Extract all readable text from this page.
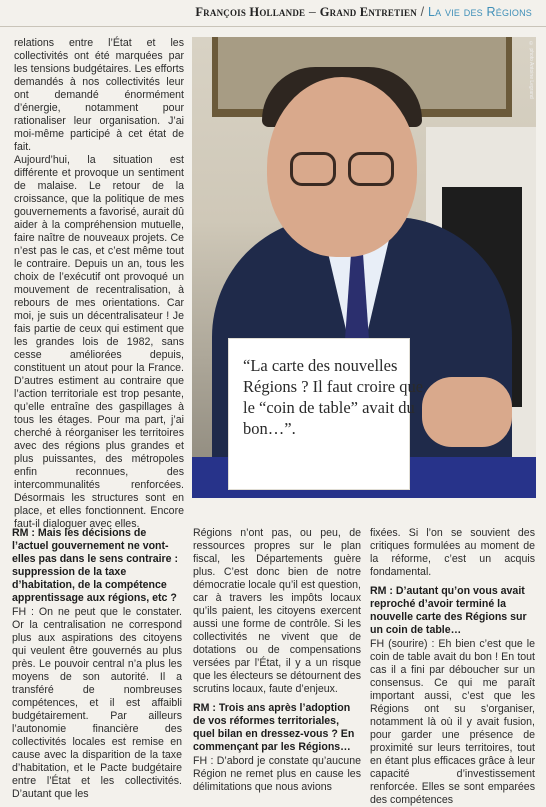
François Hollande – Grand Entretien / La vie des Régions

relations entre l’État et les collectivités ont été marquées par les tensions budgétaires. Les efforts demandés à nos collectivités leur ont demandé énormément d’énergie, notamment pour rationaliser leur organisation. J’ai moi-même participé à cet état de fait.

Aujourd’hui, la situation est différente et provoque un sentiment de malaise. Le retour de la croissance, que la politique de mes gouvernements a favorisé, aurait dû aider à la compréhension mutuelle, faire naître de nouveaux projets. Ce n’est pas le cas, et c’est même tout le contraire. Depuis un an, tous les choix de l’exécutif ont provoqué un mouvement de recentralisation, à rebours de mes orientations. Car moi, je suis un décentralisateur ! Je fais partie de ceux qui estiment que les grandes lois de 1982, sans cesse améliorées depuis, constituent un atout pour la France. D’autres estiment au contraire que l’action territoriale est trop pesante, qu’elle entraîne des gaspillages à tous les étages. Pour ma part, j’ai cherché à réorganiser les territoires avec des régions plus grandes et plus puissantes, des métropoles enfin reconnues, des intercommunalités renforcées. Désormais les structures sont en place, et elles fonctionnent. Encore faut-il dialoguer avec elles.

© photo Antoine Legrand
“La carte des nouvelles Régions ? Il faut croire que le “coin de table” avait du bon…”.

RM : Mais les décisions de l’actuel gouvernement ne vont-elles pas dans le sens contraire : suppression de la taxe d’habitation, de la compétence apprentissage aux régions, etc ?

FH : On ne peut que le constater. Or la centralisation ne correspond plus aux aspirations des citoyens qui veulent être gouvernés au plus près. Le pouvoir central n’a plus les moyens de son autorité. Il a transféré de nombreuses compétences, et il est affaibli budgétairement. Par ailleurs l’autonomie financière des collectivités locales est remise en cause avec la disparition de la taxe d’habitation, et le Pacte budgétaire entre l’État et les collectivités. D’autant que les

Régions n’ont pas, ou peu, de ressources propres sur le plan fiscal, les Départements guère plus. C’est donc bien de notre démocratie locale qu’il est question, car à travers les impôts locaux qu’ils paient, les citoyens exercent aussi une forme de contrôle. Si les collectivités ne vivent que de dotations ou de compensations versées par l’État, il y a un risque que les électeurs se détournent des scrutins locaux, faute d’enjeux.

RM : Trois ans après l’adoption de vos réformes territoriales, quel bilan en dressez-vous ? En commençant par les Régions…

FH : D’abord je constate qu’aucune Région ne remet plus en cause les délimitations que nous avions

fixées. Si l’on se souvient des critiques formulées au moment de la réforme, c’est un acquis fondamental.

RM : D’autant qu’on vous avait reproché d’avoir terminé la nouvelle carte des Régions sur un coin de table…

FH (sourire) : Eh bien c’est que le coin de table avait du bon ! En tout cas il a fini par déboucher sur un consensus. Ce qui me paraît important aussi, c’est que les Régions ont su s’organiser, notamment là où il y avait fusion, pour garder une présence de proximité sur leurs territoires, tout en étant plus efficaces grâce à leur capacité d’investissement renforcée. Elles se sont emparées des compétences
